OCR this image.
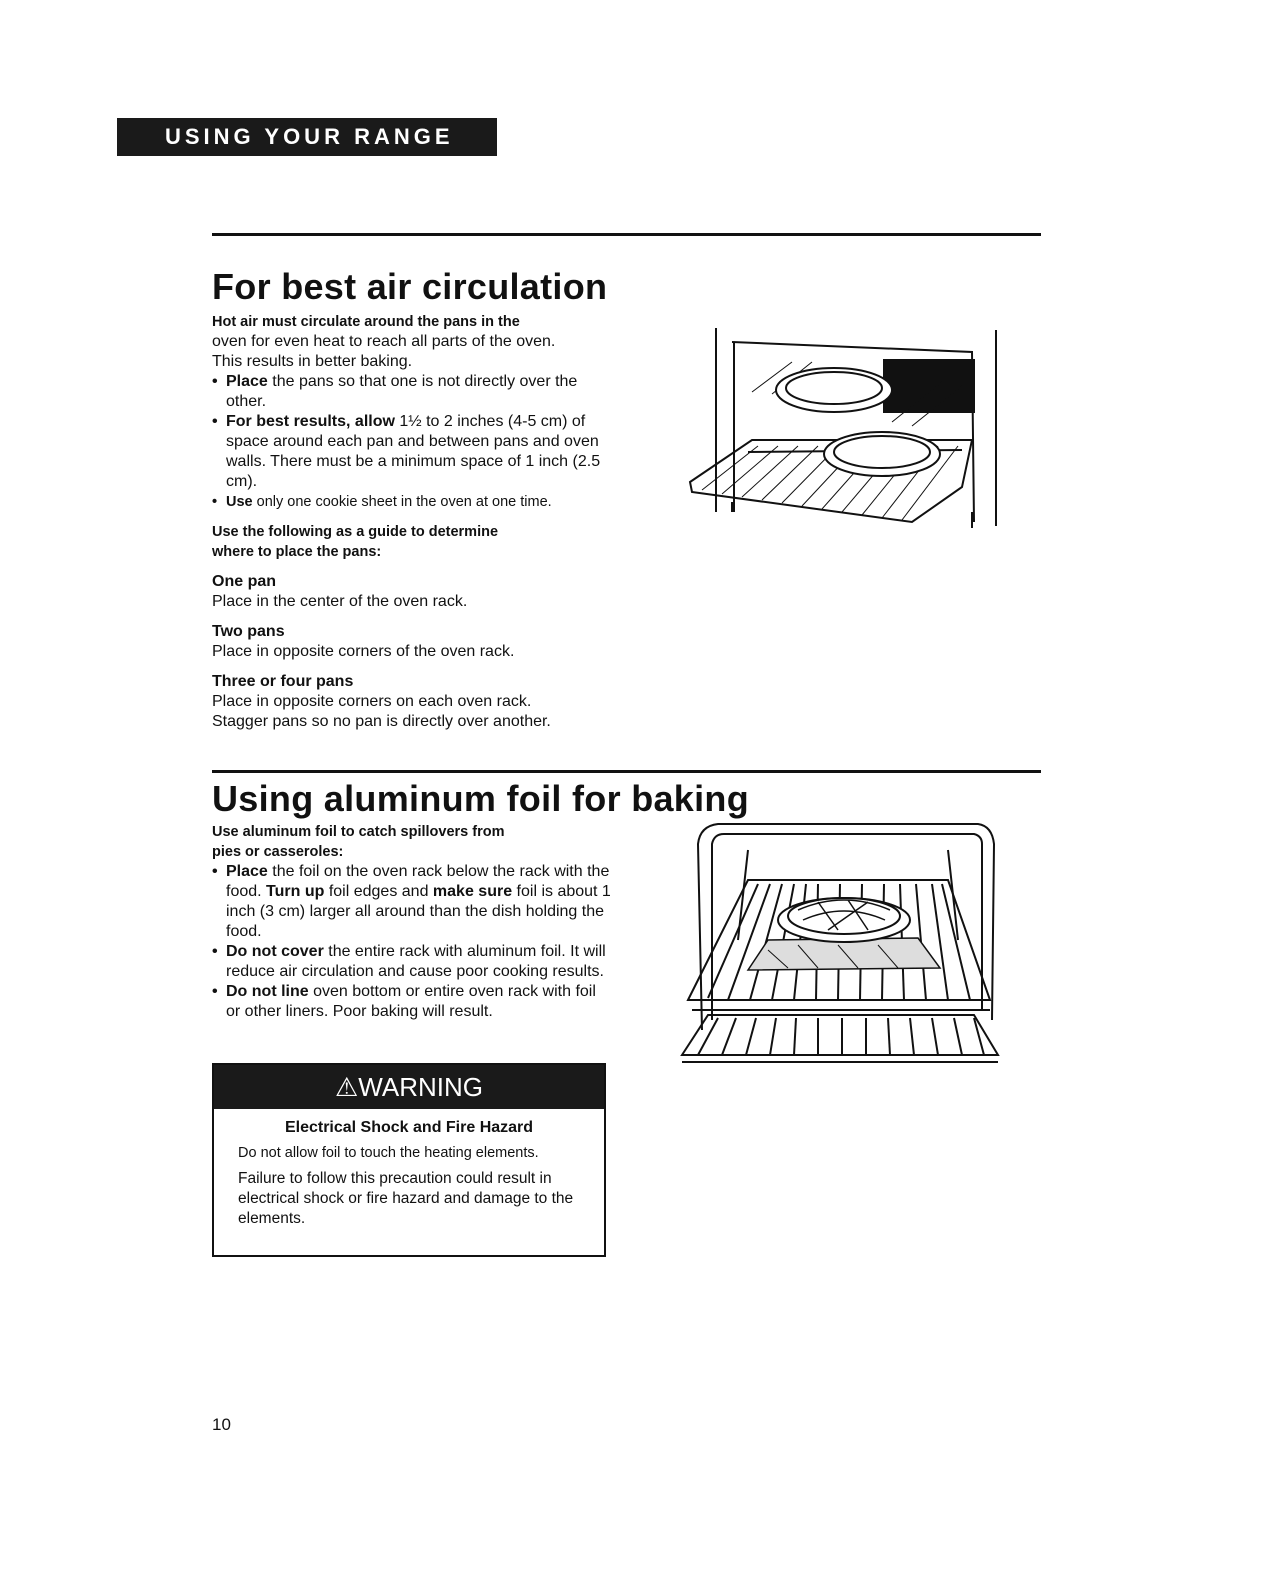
USING YOUR RANGE
For best air circulation

Hot air must circulate around the pans in the

oven for even heat to reach all parts of the oven.

This results in better baking.

• Place the pans so that one is not directly over the other.
• For best results, allow 1½ to 2 inches (4-5 cm) of space around each pan and between pans and oven walls. There must be a minimum space of 1 inch (2.5 cm).
• Use only one cookie sheet in the oven at one time.

Use the following as a guide to determine

where to place the pans:

One pan

Place in the center of the oven rack.

Two pans

Place in opposite corners of the oven rack.

Three or four pans

Place in opposite corners on each oven rack.

Stagger pans so no pan is directly over another.

Using aluminum foil for baking

Use aluminum foil to catch spillovers from

pies or casseroles:

• Place the foil on the oven rack below the rack with the food. Turn up foil edges and make sure foil is about 1 inch (3 cm) larger all around than the dish holding the food.
• Do not cover the entire rack with aluminum foil. It will reduce air circulation and cause poor cooking results.
• Do not line oven bottom or entire oven rack with foil or other liners. Poor baking will result.
⚠WARNING
Electrical Shock and Fire Hazard

Do not allow foil to touch the heating elements.

Failure to follow this precaution could result in electrical shock or fire hazard and damage to the elements.

10
